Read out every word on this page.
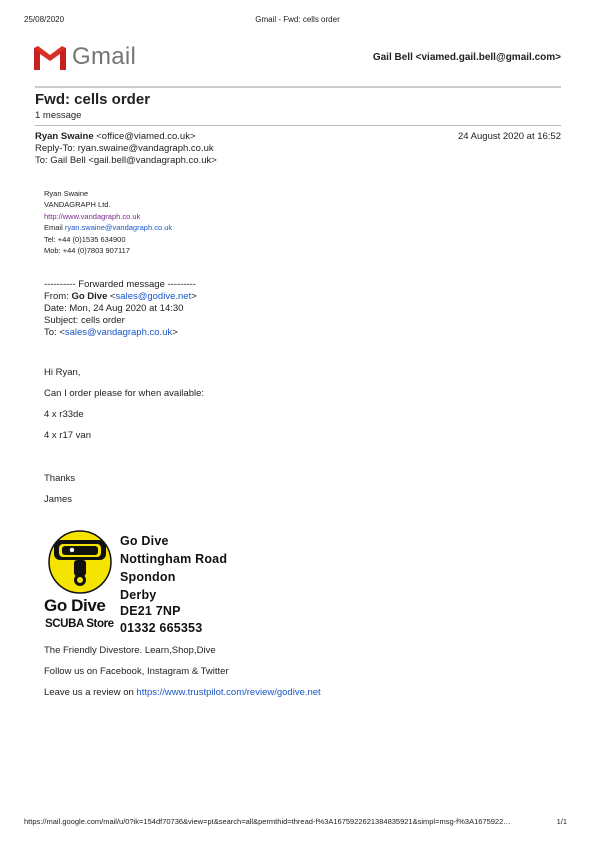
25/08/2020	Gmail - Fwd: cells order
Gmail	Gail Bell <viamed.gail.bell@gmail.com>
Fwd: cells order
1 message
Ryan Swaine <office@viamed.co.uk>	24 August 2020 at 16:52
Reply-To: ryan.swaine@vandagraph.co.uk
To: Gail Bell <gail.bell@vandagraph.co.uk>
Ryan Swaine
VANDAGRAPH Ltd.
http://www.vandagraph.co.uk
Email ryan.swaine@vandagraph.co.uk
Tel: +44 (0)1535 634900
Mob: +44 (0)7803 907117
---------- Forwarded message ---------
From: Go Dive <sales@godive.net>
Date: Mon, 24 Aug 2020 at 14:30
Subject: cells order
To: <sales@vandagraph.co.uk>
Hi Ryan,
Can I order please for when available:
4 x r33de
4 x r17 van
Thanks
James
Go Dive
SCUBA Store
Go Dive
Nottingham Road
Spondon
Derby
DE21 7NP
01332 665353
The Friendly Divestore. Learn,Shop,Dive
Follow us on Facebook, Instagram & Twitter
Leave us a review on https://www.trustpilot.com/review/godive.net
https://mail.google.com/mail/u/0?ik=154df70736&view=pt&search=all&permthid=thread-f%3A1675922621384835921&simpl=msg-f%3A1675922…	1/1
